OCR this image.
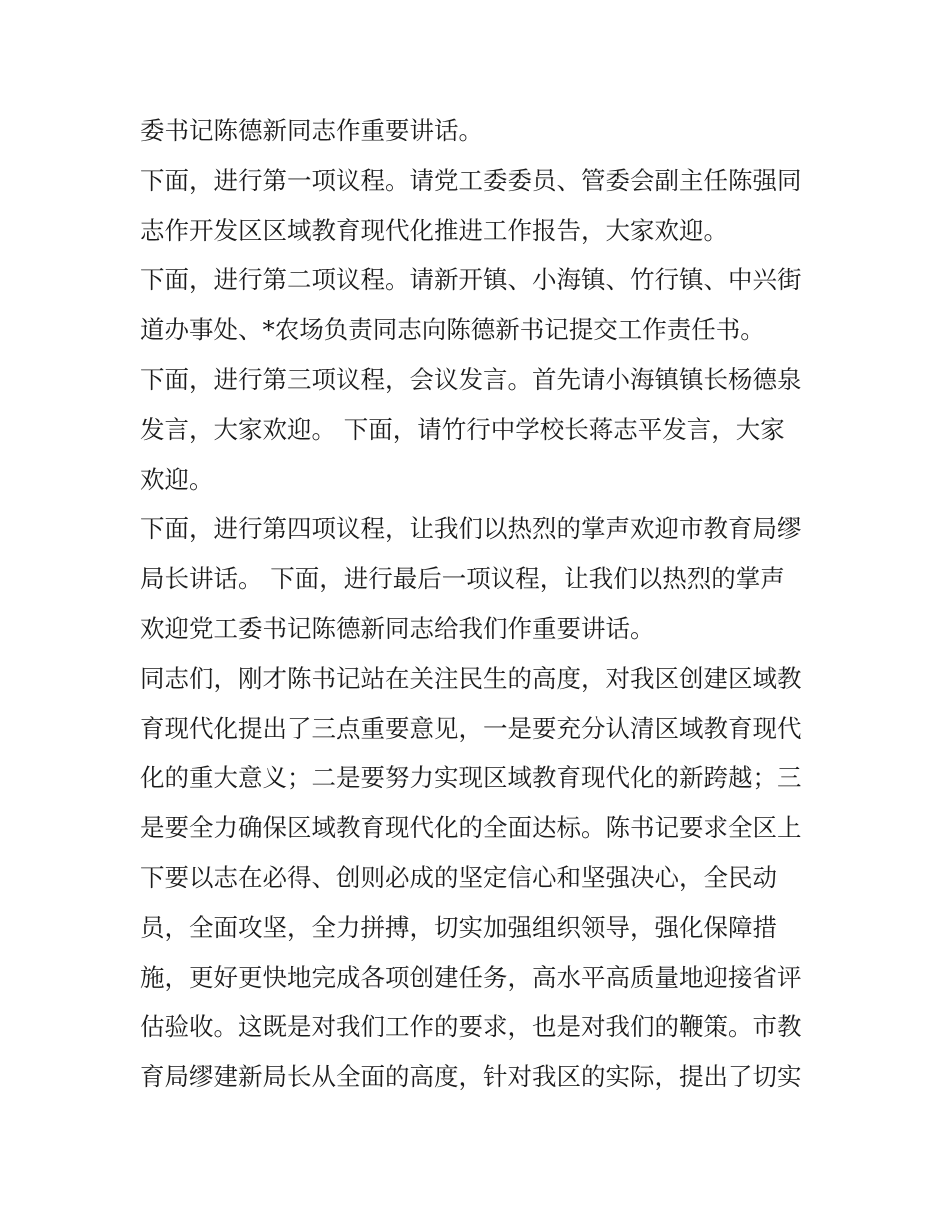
委书记陈德新同志作重要讲话。
下面，进行第一项议程。请党工委委员、管委会副主任陈强同
志作开发区区域教育现代化推进工作报告，大家欢迎。
下面，进行第二项议程。请新开镇、小海镇、竹行镇、中兴街
道办事处、*农场负责同志向陈德新书记提交工作责任书。
下面，进行第三项议程，会议发言。首先请小海镇镇长杨德泉
发言，大家欢迎。 下面，请竹行中学校长蒋志平发言，大家
欢迎。
下面，进行第四项议程，让我们以热烈的掌声欢迎市教育局缪
局长讲话。 下面，进行最后一项议程，让我们以热烈的掌声
欢迎党工委书记陈德新同志给我们作重要讲话。
同志们，刚才陈书记站在关注民生的高度，对我区创建区域教
育现代化提出了三点重要意见，一是要充分认清区域教育现代
化的重大意义；二是要努力实现区域教育现代化的新跨越；三
是要全力确保区域教育现代化的全面达标。陈书记要求全区上
下要以志在必得、创则必成的坚定信心和坚强决心，全民动
员，全面攻坚，全力拼搏，切实加强组织领导，强化保障措
施，更好更快地完成各项创建任务，高水平高质量地迎接省评
估验收。这既是对我们工作的要求，也是对我们的鞭策。市教
育局缪建新局长从全面的高度，针对我区的实际，提出了切实
